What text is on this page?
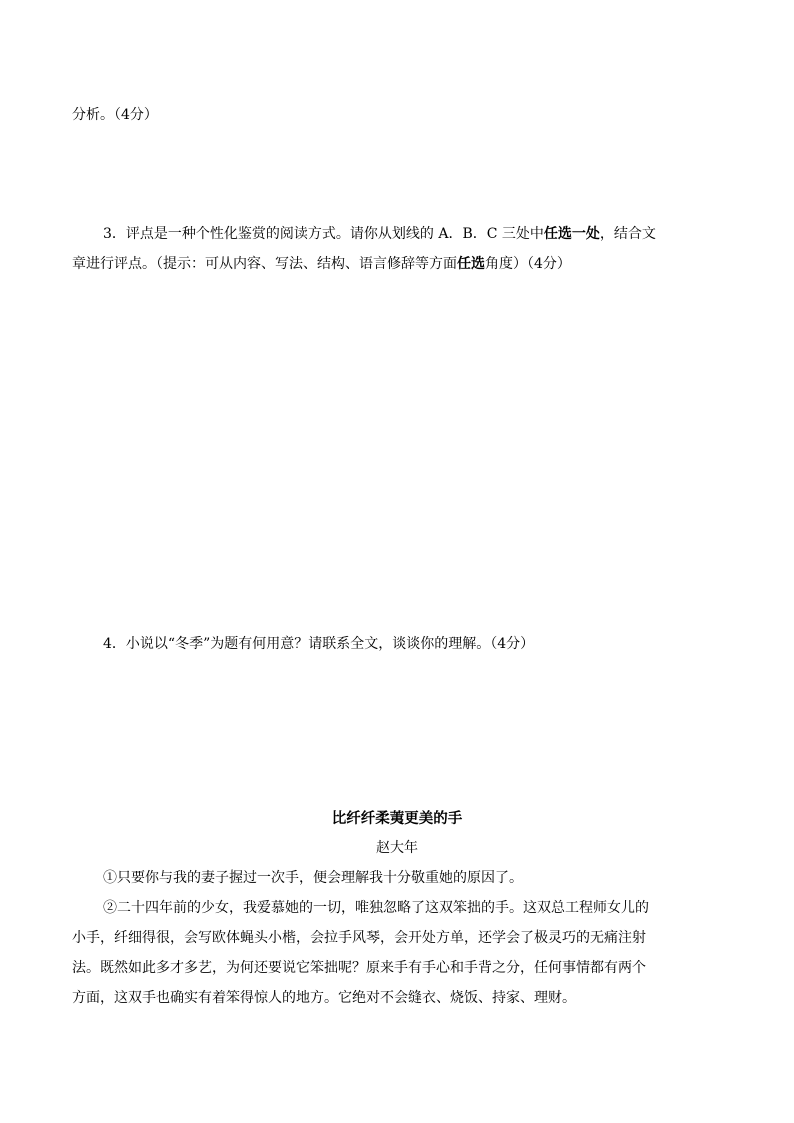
分析。（4分）
3．评点是一种个性化鉴赏的阅读方式。请你从划线的 A．B．C 三处中任选一处，结合文
章进行评点。（提示：可从内容、写法、结构、语言修辞等方面任选角度）（4分）
4．小说以“冬季”为题有何用意？请联系全文，谈谈你的理解。（4分）
比纤纤柔荑更美的手
赵大年
①只要你与我的妻子握过一次手，便会理解我十分敬重她的原因了。
②二十四年前的少女，我爱慕她的一切，唯独忽略了这双笨拙的手。这双总工程师女儿的
小手，纤细得很，会写欧体蝇头小楷，会拉手风琴，会开处方单，还学会了极灵巧的无痛注射
法。既然如此多才多艺，为何还要说它笨拙呢？原来手有手心和手背之分，任何事情都有两个
方面，这双手也确实有着笨得惊人的地方。它绝对不会缝衣、烧饭、持家、理财。
